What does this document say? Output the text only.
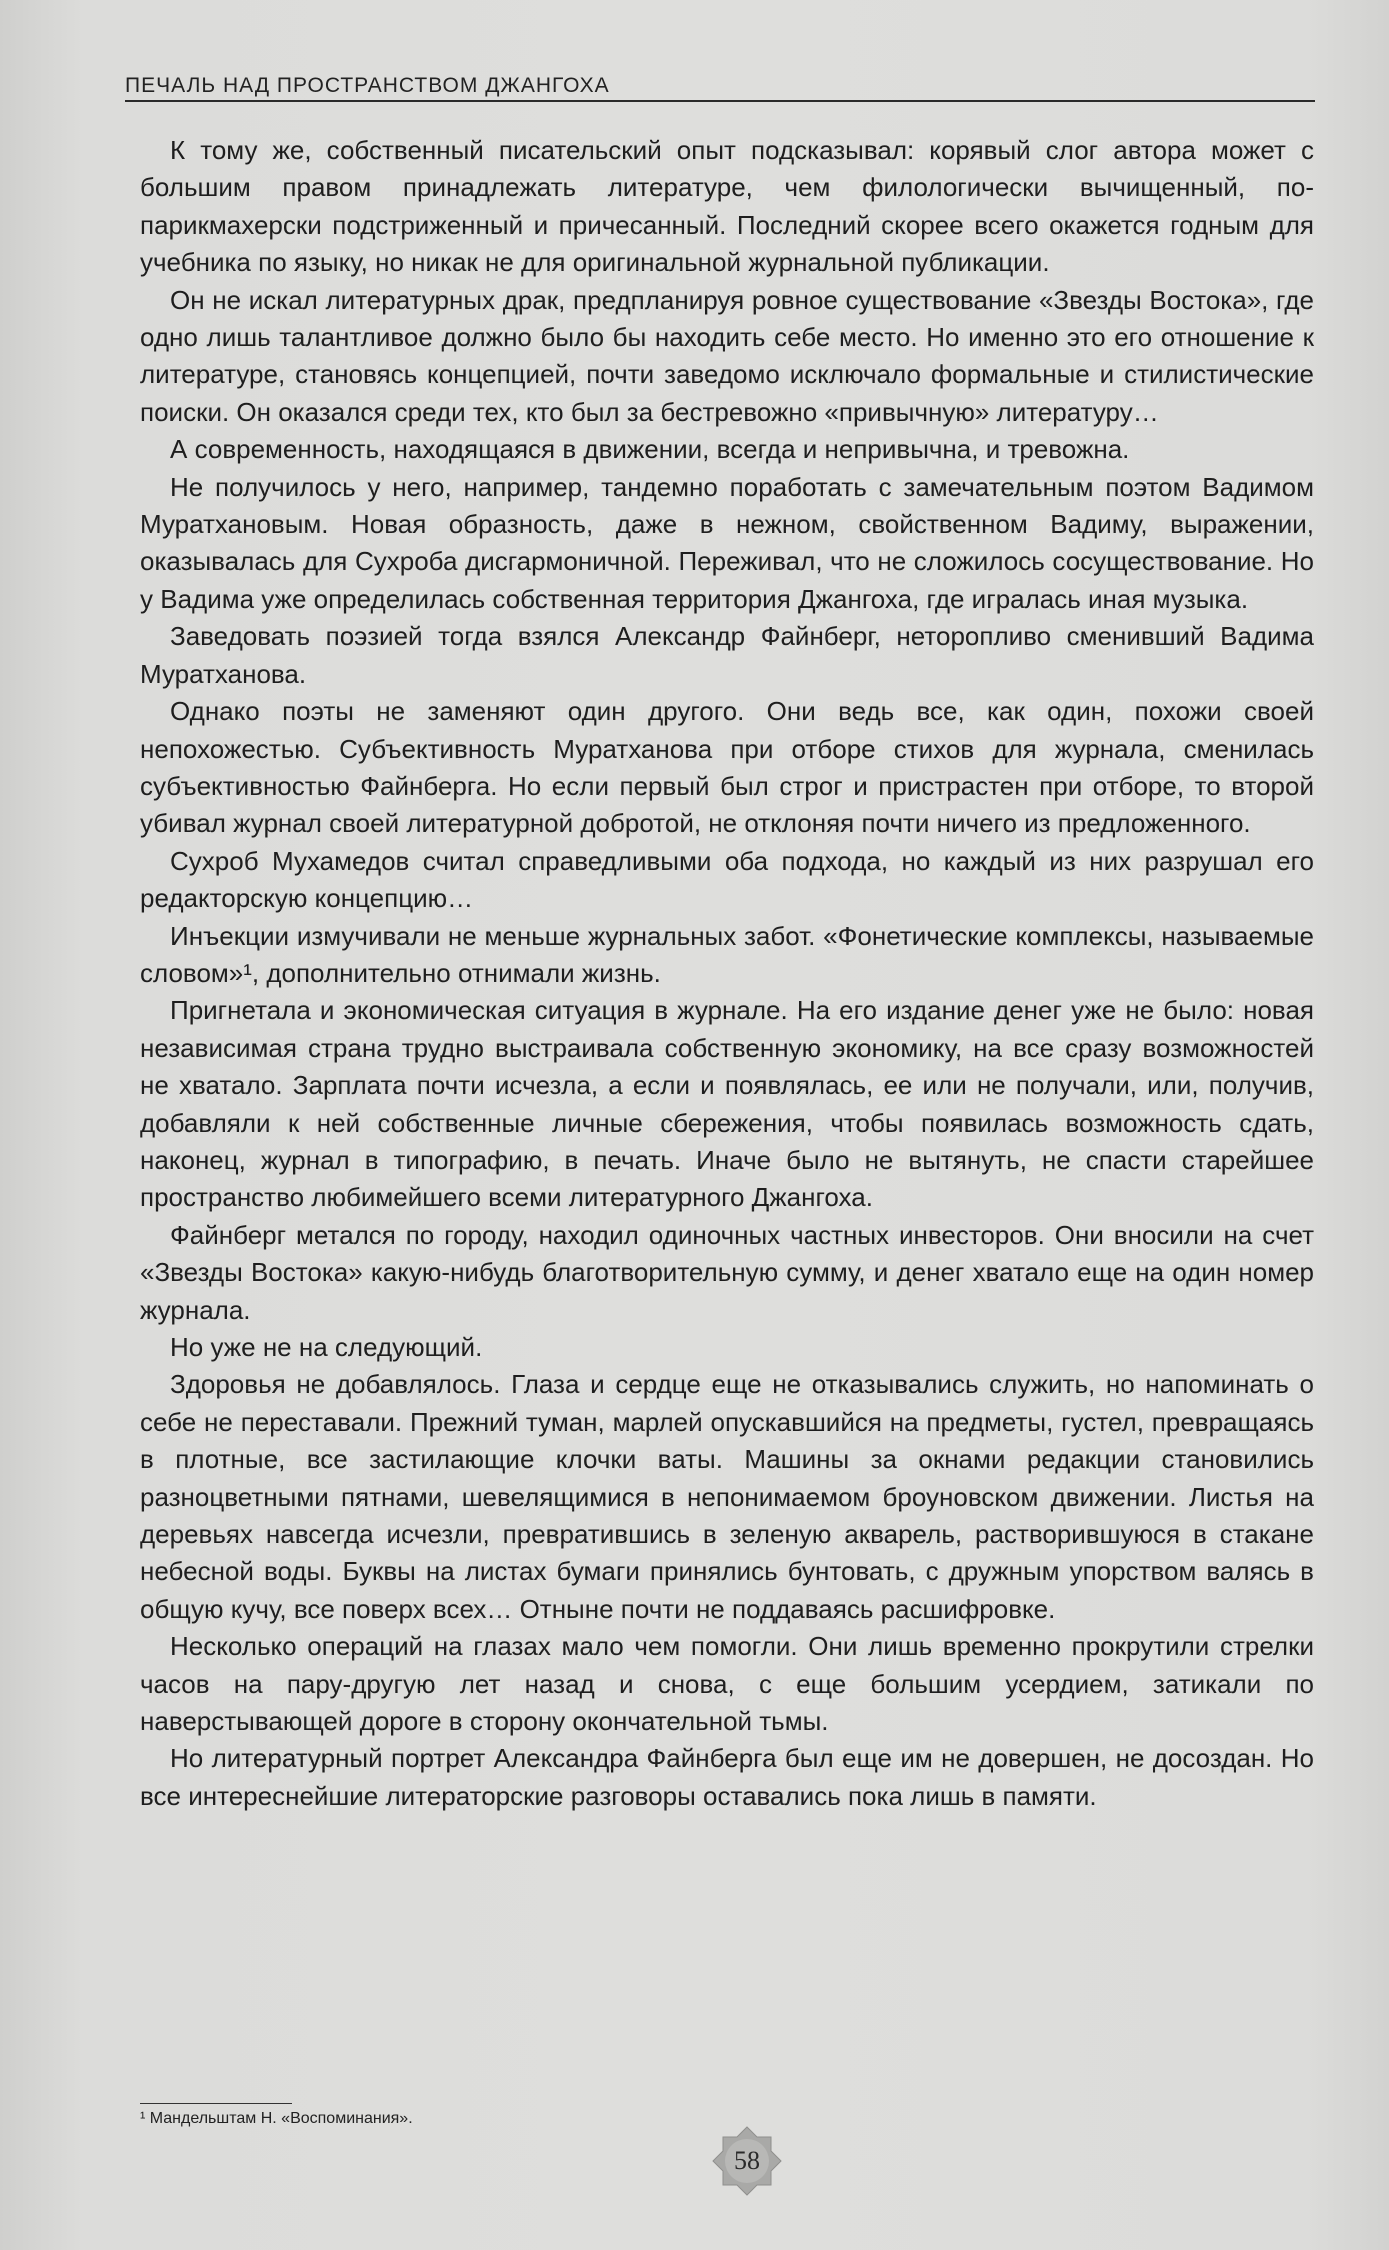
ПЕЧАЛЬ НАД ПРОСТРАНСТВОМ ДЖАНГОХА

К тому же, собственный писательский опыт подсказывал: корявый слог автора может с большим правом принадлежать литературе, чем филологически вычищенный, по-парикмахерски подстриженный и причесанный. Последний скорее всего окажется годным для учебника по языку, но никак не для оригинальной журнальной публикации.

Он не искал литературных драк, предпланируя ровное существование «Звезды Востока», где одно лишь талантливое должно было бы находить себе место. Но именно это его отношение к литературе, становясь концепцией, почти заведомо исключало формальные и стилистические поиски. Он оказался среди тех, кто был за бестревожно «привычную» литературу…

А современность, находящаяся в движении, всегда и непривычна, и тревожна.

Не получилось у него, например, тандемно поработать с замечательным поэтом Вадимом Муратхановым. Новая образность, даже в нежном, свойственном Вадиму, выражении, оказывалась для Сухроба дисгармоничной. Переживал, что не сложилось сосуществование. Но у Вадима уже определилась собственная территория Джангоха, где игралась иная музыка.

Заведовать поэзией тогда взялся Александр Файнберг, неторопливо сменивший Вадима Муратханова.

Однако поэты не заменяют один другого. Они ведь все, как один, похожи своей непохожестью. Субъективность Муратханова при отборе стихов для журнала, сменилась субъективностью Файнберга. Но если первый был строг и пристрастен при отборе, то второй убивал журнал своей литературной добротой, не отклоняя почти ничего из предложенного.

Сухроб Мухамедов считал справедливыми оба подхода, но каждый из них разрушал его редакторскую концепцию…

Инъекции измучивали не меньше журнальных забот. «Фонетические комплексы, называемые словом»¹, дополнительно отнимали жизнь.

Пригнетала и экономическая ситуация в журнале. На его издание денег уже не было: новая независимая страна трудно выстраивала собственную экономику, на все сразу возможностей не хватало. Зарплата почти исчезла, а если и появлялась, ее или не получали, или, получив, добавляли к ней собственные личные сбережения, чтобы появилась возможность сдать, наконец, журнал в типографию, в печать. Иначе было не вытянуть, не спасти старейшее пространство любимейшего всеми литературного Джангоха.

Файнберг метался по городу, находил одиночных частных инвесторов. Они вносили на счет «Звезды Востока» какую-нибудь благотворительную сумму, и денег хватало еще на один номер журнала.

Но уже не на следующий.

Здоровья не добавлялось. Глаза и сердце еще не отказывались служить, но напоминать о себе не переставали. Прежний туман, марлей опускавшийся на предметы, густел, превращаясь в плотные, все застилающие клочки ваты. Машины за окнами редакции становились разноцветными пятнами, шевелящимися в непонимаемом броуновском движении. Листья на деревьях навсегда исчезли, превратившись в зеленую акварель, растворившуюся в стакане небесной воды. Буквы на листах бумаги принялись бунтовать, с дружным упорством валясь в общую кучу, все поверх всех… Отныне почти не поддаваясь расшифровке.

Несколько операций на глазах мало чем помогли. Они лишь временно прокрутили стрелки часов на пару-другую лет назад и снова, с еще большим усердием, затикали по наверстывающей дороге в сторону окончательной тьмы.

Но литературный портрет Александра Файнберга был еще им не довершен, не досоздан. Но все интереснейшие литераторские разговоры оставались пока лишь в памяти.

¹ Мандельштам Н. «Воспоминания».
58
